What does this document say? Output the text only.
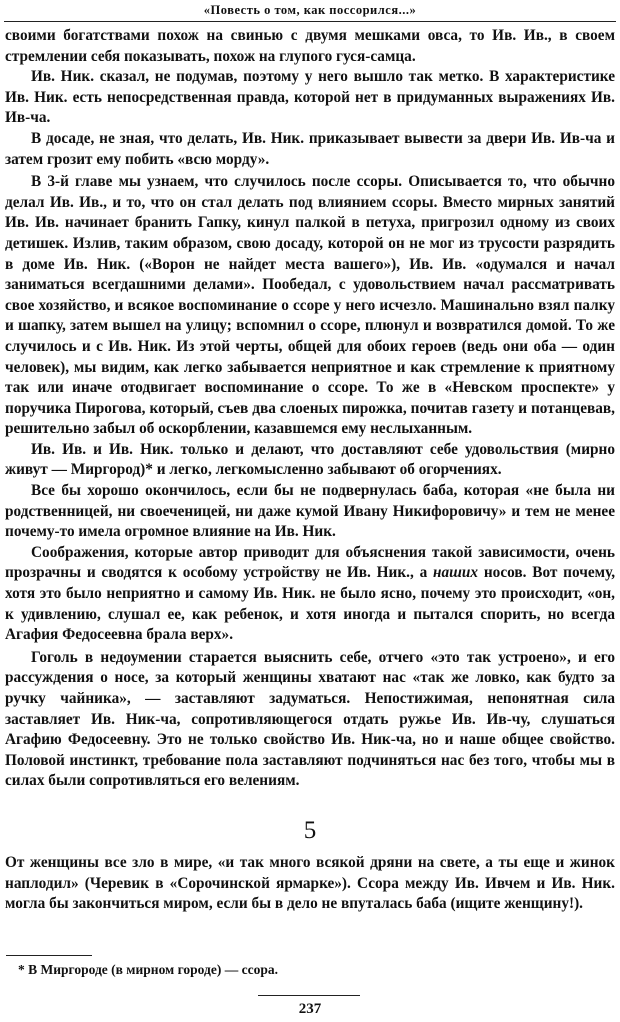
«Повесть о том, как поссорился...»

своими богатствами похож на свинью с двумя мешками овса, то Ив. Ив., в своем стремлении себя показывать, похож на глупого гуся-самца.

Ив. Ник. сказал, не подумав, поэтому у него вышло так метко. В характеристике Ив. Ник. есть непосредственная правда, которой нет в придуманных выражениях Ив. Ив-ча.

В досаде, не зная, что делать, Ив. Ник. приказывает вывести за двери Ив. Ив-ча и затем грозит ему побить «всю морду».

В 3-й главе мы узнаем, что случилось после ссоры. Описывается то, что обычно делал Ив. Ив., и то, что он стал делать под влиянием ссоры. Вместо мирных занятий Ив. Ив. начинает бранить Гапку, кинул палкой в петуха, пригрозил одному из своих детишек. Излив, таким образом, свою досаду, которой он не мог из трусости разрядить в доме Ив. Ник. («Ворон не найдет места вашего»), Ив. Ив. «одумался и начал заниматься всегдашними делами». Пообедал, с удовольствием начал рассматривать свое хозяйство, и всякое воспоминание о ссоре у него исчезло. Машинально взял палку и шапку, затем вышел на улицу; вспомнил о ссоре, плюнул и возвратился домой. То же случилось и с Ив. Ник. Из этой черты, общей для обоих героев (ведь они оба — один человек), мы видим, как легко забывается неприятное и как стремление к приятному так или иначе отодвигает воспоминание о ссоре. То же в «Невском проспекте» у поручика Пирогова, который, съев два слоеных пирожка, почитав газету и потанцевав, решительно забыл об оскорблении, казавшемся ему неслыханным.

Ив. Ив. и Ив. Ник. только и делают, что доставляют себе удовольствия (мирно живут — Миргород)* и легко, легкомысленно забывают об огорчениях.

Все бы хорошо окончилось, если бы не подвернулась баба, которая «не была ни родственницей, ни своеченицей, ни даже кумой Ивану Никифоровичу» и тем не менее почему-то имела огромное влияние на Ив. Ник.

Соображения, которые автор приводит для объяснения такой зависимости, очень прозрачны и сводятся к особому устройству не Ив. Ник., а наших носов. Вот почему, хотя это было неприятно и самому Ив. Ник. не было ясно, почему это происходит, «он, к удивлению, слушал ее, как ребенок, и хотя иногда и пытался спорить, но всегда Агафия Федосеевна брала верх».

Гоголь в недоумении старается выяснить себе, отчего «это так устроено», и его рассуждения о носе, за который женщины хватают нас «так же ловко, как будто за ручку чайника», — заставляют задуматься. Непостижимая, непонятная сила заставляет Ив. Ник-ча, сопротивляющегося отдать ружье Ив. Ив-чу, слушаться Агафию Федосеевну. Это не только свойство Ив. Ник-ча, но и наше общее свойство. Половой инстинкт, требование пола заставляют подчиняться нас без того, чтобы мы в силах были сопротивляться его велениям.

5

От женщины все зло в мире, «и так много всякой дряни на свете, а ты еще и жинок наплодил» (Черевик в «Сорочинской ярмарке»). Ссора между Ив. Ивчем и Ив. Ник. могла бы закончиться миром, если бы в дело не впуталась баба (ищите женщину!).

* В Миргороде (в мирном городе) — ссора.
237
